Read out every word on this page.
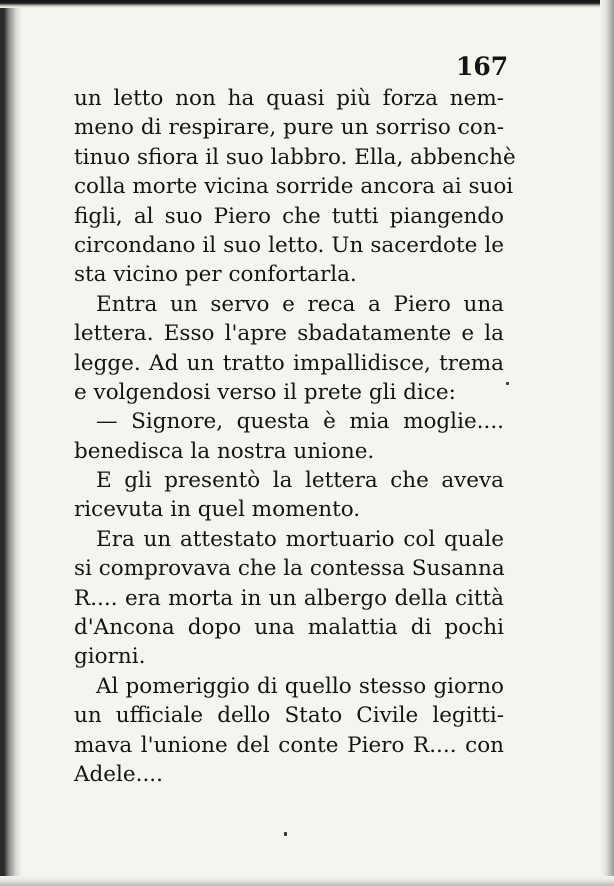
167
un letto non ha quasi più forza nem-
meno di respirare, pure un sorriso con-
tinuo sfiora il suo labbro. Ella, abbenchè
colla morte vicina sorride ancora ai suoi
figli, al suo Piero che tutti piangendo
circondano il suo letto. Un sacerdote le
sta vicino per confortarla.
Entra un servo e reca a Piero una
lettera. Esso l'apre sbadatamente e la
legge. Ad un tratto impallidisce, trema
e volgendosi verso il prete gli dice:
— Signore, questa è mia moglie....
benedisca la nostra unione.
E gli presentò la lettera che aveva
ricevuta in quel momento.
Era un attestato mortuario col quale
si comprovava che la contessa Susanna
R.... era morta in un albergo della città
d'Ancona dopo una malattia di pochi
giorni.
Al pomeriggio di quello stesso giorno
un ufficiale dello Stato Civile legitti-
mava l'unione del conte Piero R.... con
Adele....
